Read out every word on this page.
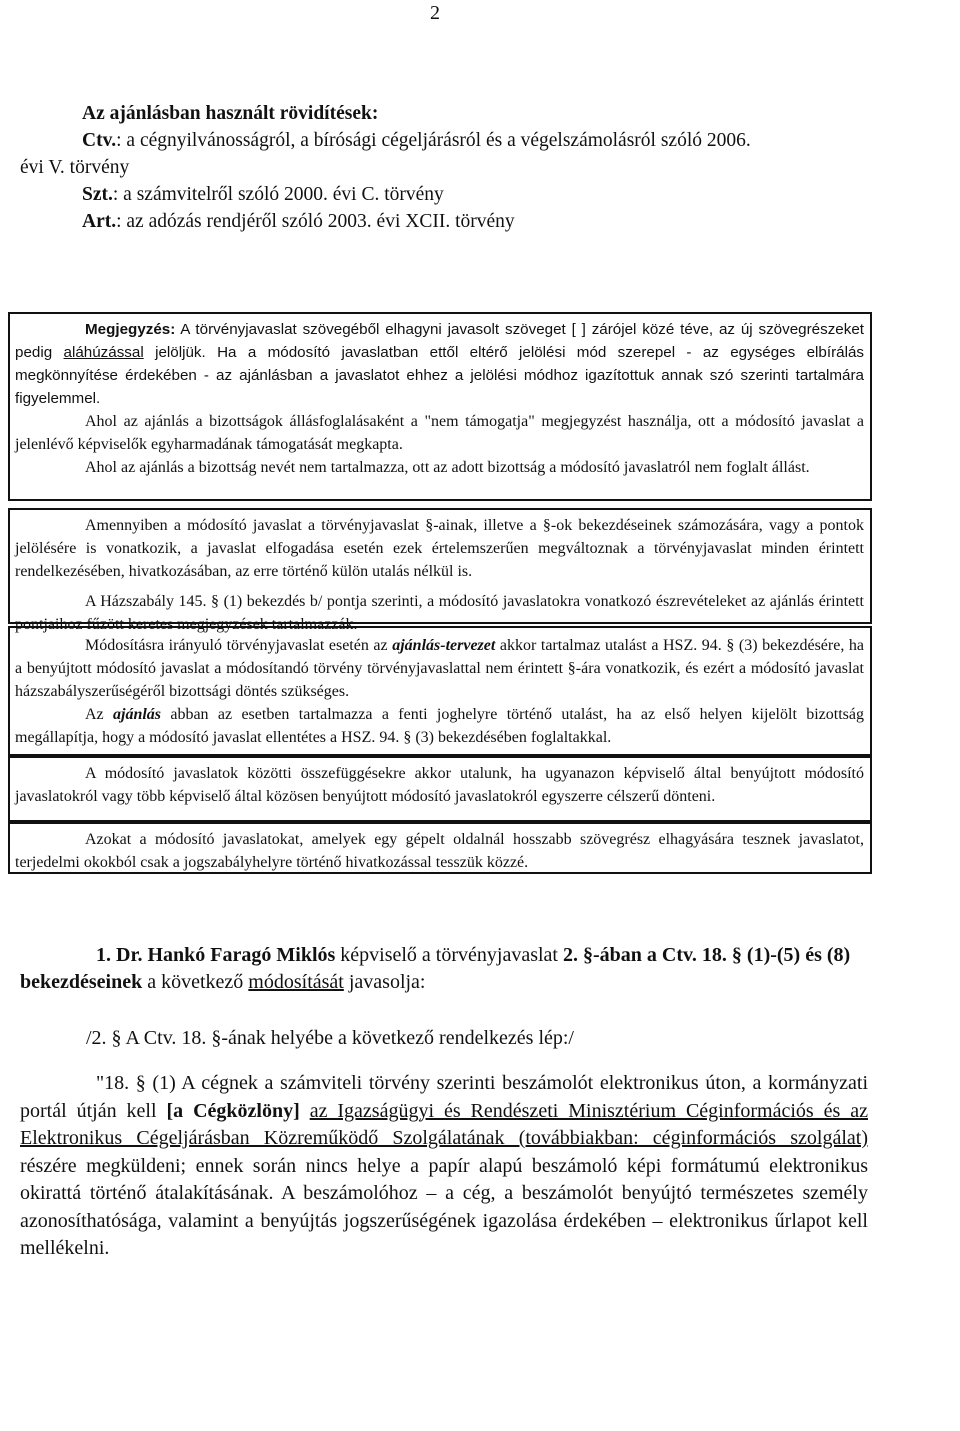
2
Az ajánlásban használt rövidítések:
Ctv.: a cégnyilvánosságról, a bírósági cégeljárásról és a végelszámolásról szóló 2006.
évi V. törvény
Szt.: a számvitelről szóló 2000. évi C. törvény
Art.: az adózás rendjéről szóló 2003. évi XCII. törvény

Megjegyzés: A törvényjavaslat szövegéből elhagyni javasolt szöveget [ ] zárójel közé téve, az új szövegrészeket pedig aláhúzással jelöljük. Ha a módosító javaslatban ettől eltérő jelölési mód szerepel - az egységes elbírálás megkönnyítése érdekében - az ajánlásban a javaslatot ehhez a jelölési módhoz igazítottuk annak szó szerinti tartalmára figyelemmel.

Ahol az ajánlás a bizottságok állásfoglalásaként a "nem támogatja" megjegyzést használja, ott a módosító javaslat a jelenlévő képviselők egyharmadának támogatását megkapta.

Ahol az ajánlás a bizottság nevét nem tartalmazza, ott az adott bizottság a módosító javaslatról nem foglalt állást.

Amennyiben a módosító javaslat a törvényjavaslat §-ainak, illetve a §-ok bekezdéseinek számozására, vagy a pontok jelölésére is vonatkozik, a javaslat elfogadása esetén ezek értelemszerűen megváltoznak a törvényjavaslat minden érintett rendelkezésében, hivatkozásában, az erre történő külön utalás nélkül is.

A Házszabály 145. § (1) bekezdés b/ pontja szerinti, a módosító javaslatokra vonatkozó észrevételeket az ajánlás érintett pontjaihoz fűzött keretes megjegyzések tartalmazzák.

Módosításra irányuló törvényjavaslat esetén az ajánlás-tervezet akkor tartalmaz utalást a HSZ. 94. § (3) bekezdésére, ha a benyújtott módosító javaslat a módosítandó törvény törvényjavaslattal nem érintett §-ára vonatkozik, és ezért a módosító javaslat házszabályszerűségéről bizottsági döntés szükséges.

Az ajánlás abban az esetben tartalmazza a fenti joghelyre történő utalást, ha az első helyen kijelölt bizottság megállapítja, hogy a módosító javaslat ellentétes a HSZ. 94. § (3) bekezdésében foglaltakkal.

A módosító javaslatok közötti összefüggésekre akkor utalunk, ha ugyanazon képviselő által benyújtott módosító javaslatokról vagy több képviselő által közösen benyújtott módosító javaslatokról egyszerre célszerű dönteni.

Azokat a módosító javaslatokat, amelyek egy gépelt oldalnál hosszabb szövegrész elhagyására tesznek javaslatot, terjedelmi okokból csak a jogszabályhelyre történő hivatkozással tesszük közzé.

1. Dr. Hankó Faragó Miklós képviselő a törvényjavaslat 2. §-ában a Ctv. 18. § (1)-(5) és (8) bekezdéseinek a következő módosítását javasolja:
/2. § A Ctv. 18. §-ának helyébe a következő rendelkezés lép:/
"18. § (1) A cégnek a számviteli törvény szerinti beszámolót elektronikus úton, a kormányzati portál útján kell [a Cégközlöny] az Igazságügyi és Rendészeti Minisztérium Céginformációs és az Elektronikus Cégeljárásban Közreműködő Szolgálatának (továbbiakban: céginformációs szolgálat) részére megküldeni; ennek során nincs helye a papír alapú beszámoló képi formátumú elektronikus okirattá történő átalakításának. A beszámolóhoz – a cég, a beszámolót benyújtó természetes személy azonosíthatósága, valamint a benyújtás jogszerűségének igazolása érdekében – elektronikus űrlapot kell mellékelni.
